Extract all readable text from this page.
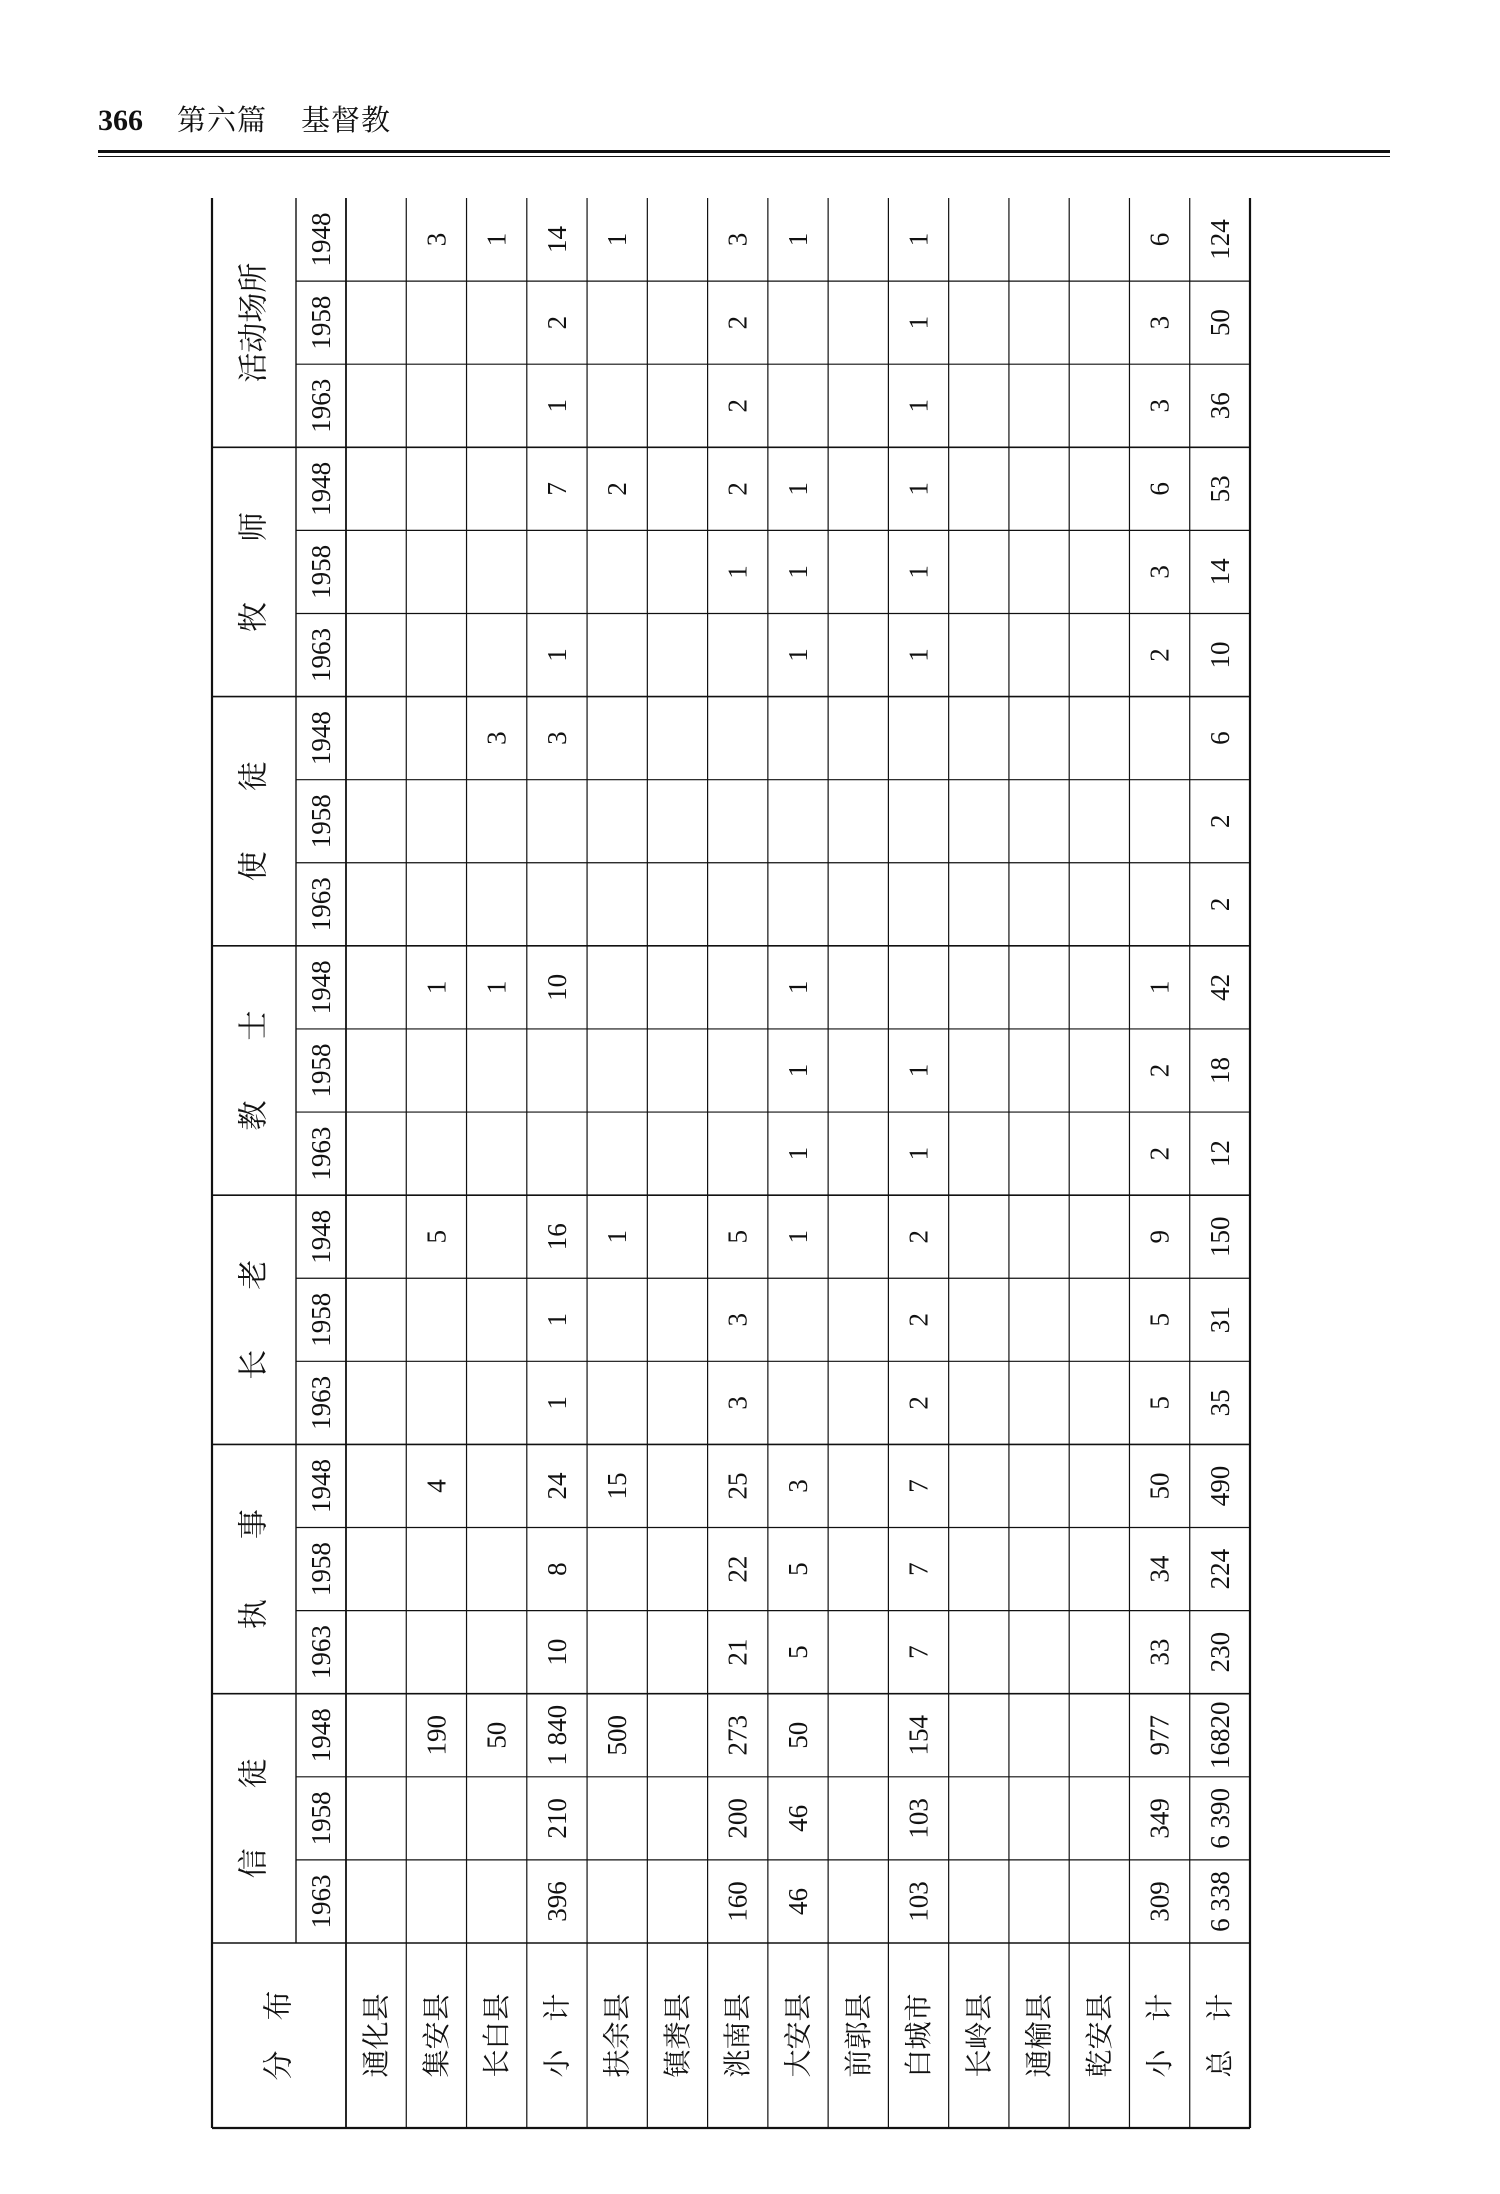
366 第六篇 基督教
分　布
活动场所
1948
1958
1963
牧　　师
1948
1958
1963
使　　徒
1948
1958
1963
教　　士
1948
1958
1963
长　　老
1948
1958
1963
执　　事
1948
1958
1963
信　　徒
1948
1958
1963
通化县 集安县
3
1
5
4
190
长白县
1
3
1
50
小　计
14
2
1
7
1
3
10
16
1
1
24
8
10
1 840
210
396
扶余县
1
2
1
15
500
镇赉县 洮南县
3
2
2
2
1
5
3
3
25
22
21
273
200
160
大安县
1
1
1
1
1
1
1
1
3
5
5
50
46
46
前郭县 白城市
1
1
1
1
1
1
1
1
2
2
2
7
7
7
154
103
103
长岭县 通榆县 乾安县 小　计
6
3
3
6
3
2
1
2
2
9
5
5
50
34
33
977
349
309
总　计
124
50
36
53
14
10
6
2
2
42
18
12
150
31
35
490
224
230
16820
6 390
6 338
